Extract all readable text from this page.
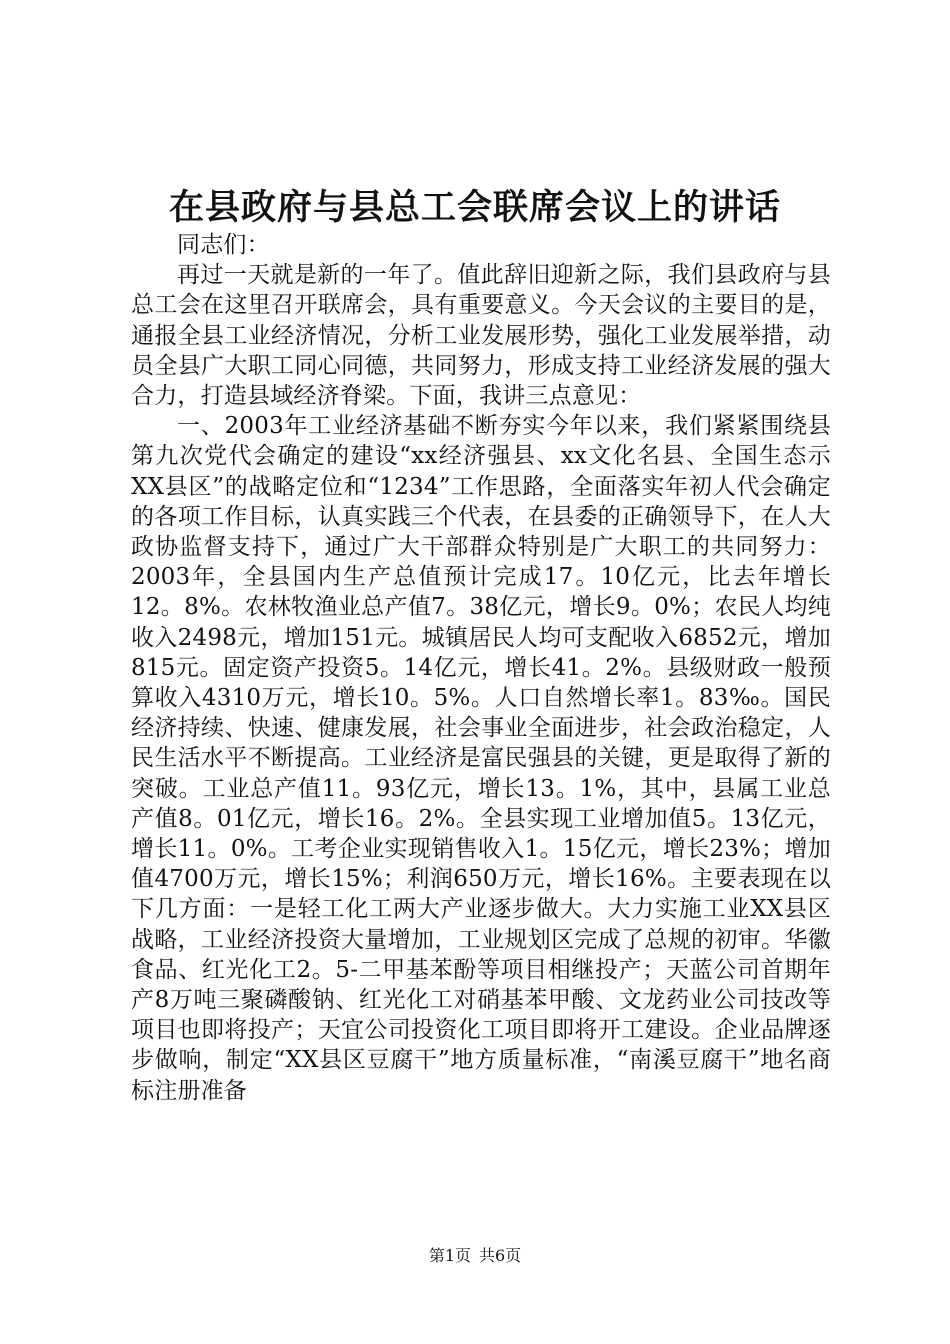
在县政府与县总工会联席会议上的讲话

同志们：

再过一天就是新的一年了。值此辞旧迎新之际，我们县政府与县总工会在这里召开联席会，具有重要意义。今天会议的主要目的是，通报全县工业经济情况，分析工业发展形势，强化工业发展举措，动员全县广大职工同心同德，共同努力，形成支持工业经济发展的强大合力，打造县域经济脊梁。下面，我讲三点意见：

一、2003年工业经济基础不断夯实今年以来，我们紧紧围绕县第九次党代会确定的建设“xx经济强县、xx文化名县、全国生态示XX县区”的战略定位和“1234”工作思路，全面落实年初人代会确定的各项工作目标，认真实践三个代表，在县委的正确领导下，在人大政协监督支持下，通过广大干部群众特别是广大职工的共同努力：2003年，全县国内生产总值预计完成17。10亿元，比去年增长12。8%。农林牧渔业总产值7。38亿元，增长9。0%；农民人均纯收入2498元，增加151元。城镇居民人均可支配收入6852元，增加815元。固定资产投资5。14亿元，增长41。2%。县级财政一般预算收入4310万元，增长10。5%。人口自然增长率1。83‰。国民经济持续、快速、健康发展，社会事业全面进步，社会政治稳定，人民生活水平不断提高。工业经济是富民强县的关键，更是取得了新的突破。工业总产值11。93亿元，增长13。1%，其中，县属工业总产值8。01亿元，增长16。2%。全县实现工业增加值5。13亿元，增长11。0%。工考企业实现销售收入1。15亿元，增长23%；增加值4700万元，增长15%；利润650万元，增长16%。主要表现在以下几方面：一是轻工化工两大产业逐步做大。大力实施工业XX县区战略，工业经济投资大量增加，工业规划区完成了总规的初审。华徽食品、红光化工2。5-二甲基苯酚等项目相继投产；天蓝公司首期年产8万吨三聚磷酸钠、红光化工对硝基苯甲酸、文龙药业公司技改等项目也即将投产；天宜公司投资化工项目即将开工建设。企业品牌逐步做响，制定“XX县区豆腐干”地方质量标准，“南溪豆腐干”地名商标注册准备

第1页 共6页
